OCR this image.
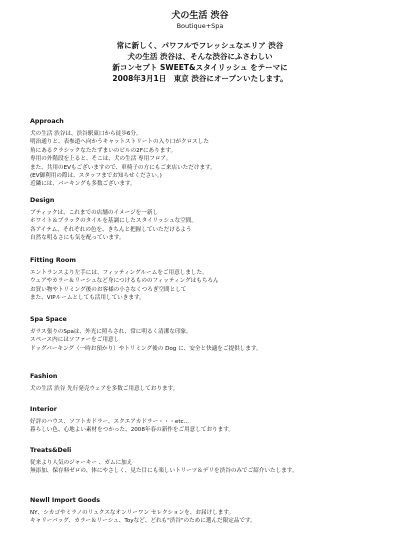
犬の生活 渋谷
Boutique+Spa
常に新しく、パワフルでフレッシュなエリア 渋谷
犬の生活 渋谷は、そんな渋谷にふさわしい
新コンセプト SWEET&スタイリッシュ をテーマに
2008年3月1日　東京 渋谷にオープンいたします。
Approach
犬の生活 渋谷は、渋谷駅東口から徒歩6分。
明治通りと、表参道へ向かうキャットストリートの入り口がクロスした
角にあるクラシックなたたずまいのビルの2Fにあります。
専用の外階段を上ると、そこは、犬の生活 専用フロア。
また、共用のEVもございますので、車椅子の方にもご来店いただけます。
(EV御利用の際は、スタッフまでお知らせください。)
近隣には、パーキングも多数ございます。
Design
ブティックは、これまでの店舗のイメージを一新し
ホワイト＆ブラックのタイルを基調にしたスタイリッシュな空間。
各アイテム、それぞれの色を、きちんと把握していただけるよう
自然な明るさにも気を配っています。
Fitting Room
エントランスより左手には、フィッティングルームをご用意しました。
ウェアやカラー＆リーシュなど身につけるもののフィッティングはもちろん
お買い物やトリミング後のお客様の小さなくつろぎ空間として
また、VIPルームとしても活用していきます。
Spa Space
ガラス張りのSpaは、外光に照らされ、常に明るく清潔な印象。
スペース内にはソファーをご用意し
ドッグパーキング（一時お預かり）やトリミング後の Dog に、安全と快適をご提供します。
Fashion
犬の生活 渋谷 先行発売ウェアを多数ご用意しております。
Interior
好評のハウス、ソフトカドラー、スクエアカドラー・・・etc...
暮らしい色、心地よい素材をつかった、2008年春の新作をご用意しております。
Treats&Deli
従来より人気のジャーキー 、ガムに加え
無添加、保存料ゼロの、体にやさしく、見た目にも楽しいトリーツ＆デリを渋谷のみでご紹介いたします。
Newll Import Goods
NY、シカゴやミラノのリュクスなオンリーワン セレクションを、お届けします。
キャリーバッグ、カラー＆リーシュ、Toyなど、どれも"渋谷"のために選んだ限定品です。
